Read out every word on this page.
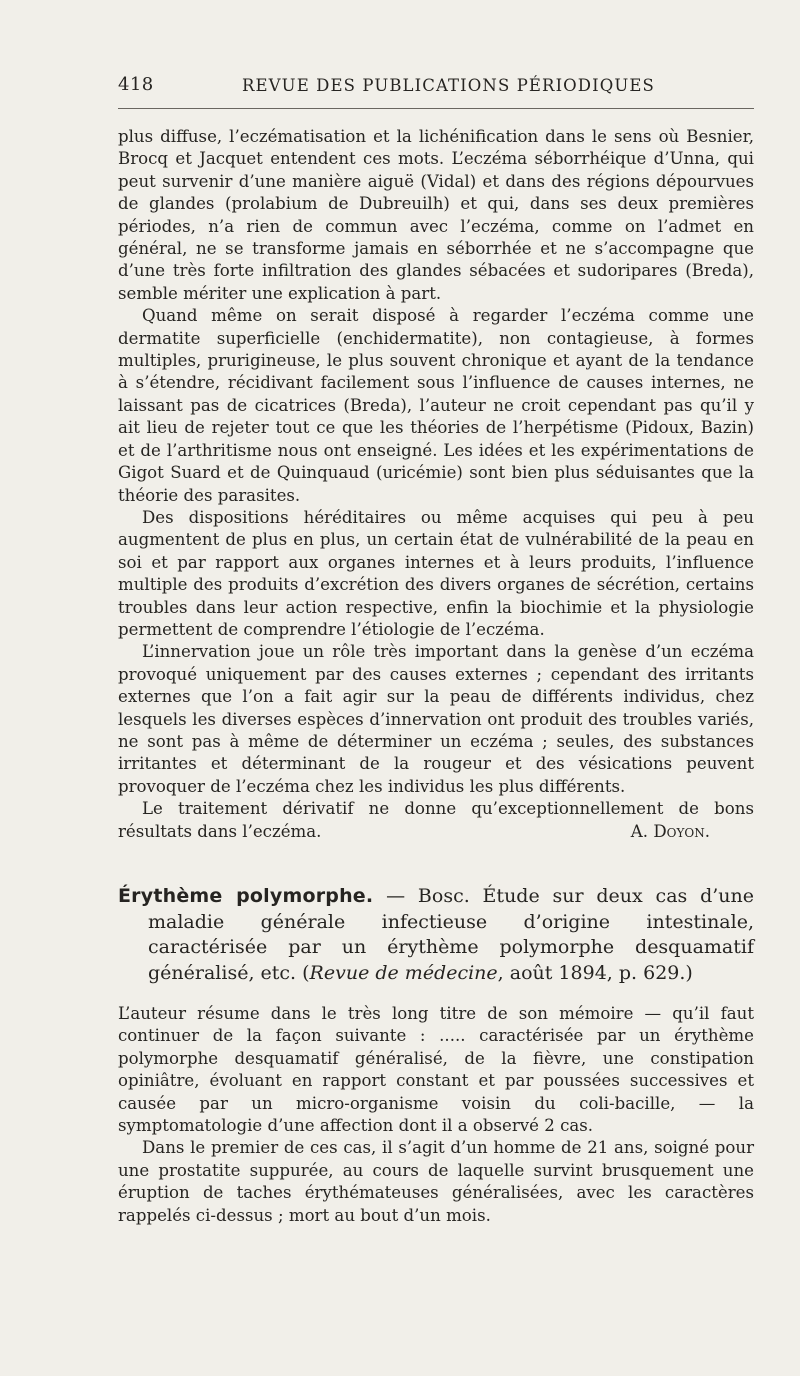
418	REVUE DES PUBLICATIONS PÉRIODIQUES

plus diffuse, l’eczématisation et la lichénification dans le sens où Besnier, Brocq et Jacquet entendent ces mots. L’eczéma séborrhéique d’Unna, qui peut survenir d’une manière aiguë (Vidal) et dans des régions dépourvues de glandes (prolabium de Dubreuilh) et qui, dans ses deux premières périodes, n’a rien de commun avec l’eczéma, comme on l’admet en général, ne se transforme jamais en séborrhée et ne s’accompagne que d’une très forte infiltration des glandes sébacées et sudoripares (Breda), semble mériter une explication à part.

Quand même on serait disposé à regarder l’eczéma comme une dermatite superficielle (enchidermatite), non contagieuse, à formes multiples, prurigineuse, le plus souvent chronique et ayant de la tendance à s’étendre, récidivant facilement sous l’influence de causes internes, ne laissant pas de cicatrices (Breda), l’auteur ne croit cependant pas qu’il y ait lieu de rejeter tout ce que les théories de l’herpétisme (Pidoux, Bazin) et de l’arthritisme nous ont enseigné. Les idées et les expérimentations de Gigot Suard et de Quinquaud (uricémie) sont bien plus séduisantes que la théorie des parasites.

Des dispositions héréditaires ou même acquises qui peu à peu augmentent de plus en plus, un certain état de vulnérabilité de la peau en soi et par rapport aux organes internes et à leurs produits, l’influence multiple des produits d’excrétion des divers organes de sécrétion, certains troubles dans leur action respective, enfin la biochimie et la physiologie permettent de comprendre l’étiologie de l’eczéma.

L’innervation joue un rôle très important dans la genèse d’un eczéma provoqué uniquement par des causes externes ; cependant des irritants externes que l’on a fait agir sur la peau de différents individus, chez lesquels les diverses espèces d’innervation ont produit des troubles variés, ne sont pas à même de déterminer un eczéma ; seules, des substances irritantes et déterminant de la rougeur et des vésications peuvent provoquer de l’eczéma chez les individus les plus différents.

Le traitement dérivatif ne donne qu’exceptionnellement de bons résultats dans l’eczéma.	A. Doyon.

Érythème polymorphe. — Bosc. Étude sur deux cas d’une maladie générale infectieuse d’origine intestinale, caractérisée par un érythème polymorphe desquamatif généralisé, etc. (Revue de médecine, août 1894, p. 629.)

L’auteur résume dans le très long titre de son mémoire — qu’il faut continuer de la façon suivante : ..... caractérisée par un érythème polymorphe desquamatif généralisé, de la fièvre, une constipation opiniâtre, évoluant en rapport constant et par poussées successives et causée par un micro-organisme voisin du coli-bacille, — la symptomatologie d’une affection dont il a observé 2 cas.

Dans le premier de ces cas, il s’agit d’un homme de 21 ans, soigné pour une prostatite suppurée, au cours de laquelle survint brusquement une éruption de taches érythémateuses généralisées, avec les caractères rappelés ci-dessus ; mort au bout d’un mois.
